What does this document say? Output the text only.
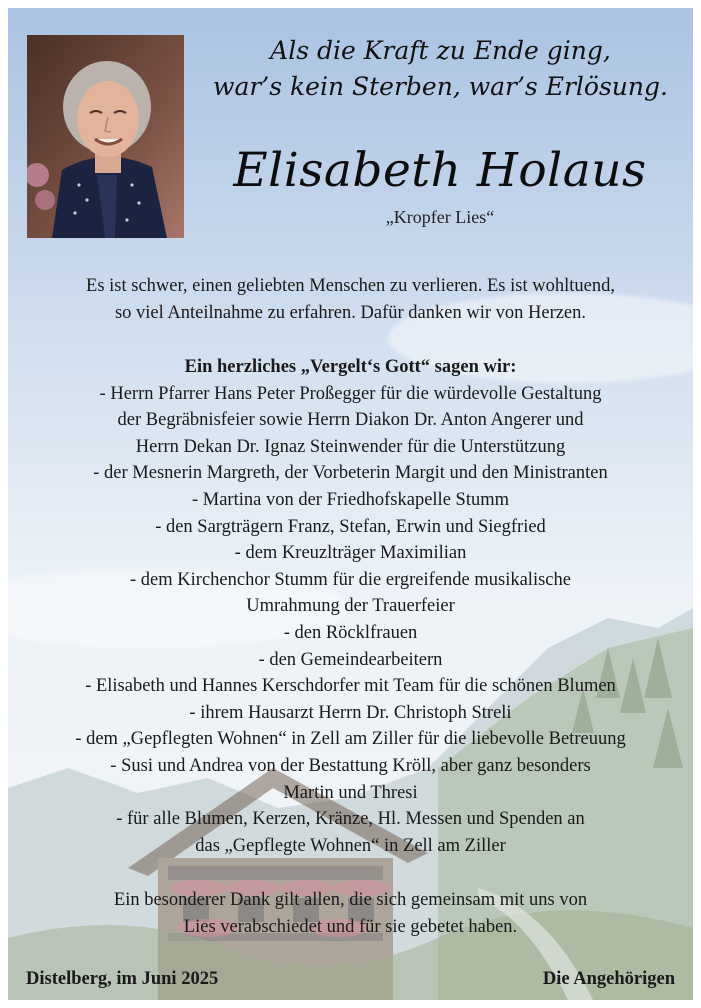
Als die Kraft zu Ende ging,
war’s kein Sterben, war’s Erlösung.
Elisabeth Holaus
„Kropfer Lies“
Es ist schwer, einen geliebten Menschen zu verlieren. Es ist wohltuend,
so viel Anteilnahme zu erfahren. Dafür danken wir von Herzen.
Ein herzliches „Vergelt‘s Gott“ sagen wir:
- Herrn Pfarrer Hans Peter Proßegger für die würdevolle Gestaltung
der Begräbnisfeier sowie Herrn Diakon Dr. Anton Angerer und
Herrn Dekan Dr. Ignaz Steinwender für die Unterstützung
- der Mesnerin Margreth, der Vorbeterin Margit und den Ministranten
- Martina von der Friedhofskapelle Stumm
- den Sargträgern Franz, Stefan, Erwin und Siegfried
- dem Kreuzlträger Maximilian
- dem Kirchenchor Stumm für die ergreifende musikalische
Umrahmung der Trauerfeier
- den Röcklfrauen
- den Gemeindearbeitern
- Elisabeth und Hannes Kerschdorfer mit Team für die schönen Blumen
- ihrem Hausarzt Herrn Dr. Christoph Streli
- dem „Gepflegten Wohnen“ in Zell am Ziller für die liebevolle Betreuung
- Susi und Andrea von der Bestattung Kröll, aber ganz besonders
Martin und Thresi
- für alle Blumen, Kerzen, Kränze, Hl. Messen und Spenden an
das „Gepflegte Wohnen“ in Zell am Ziller
Ein besonderer Dank gilt allen, die sich gemeinsam mit uns von
Lies verabschiedet und für sie gebetet haben.
Distelberg, im Juni 2025	Die Angehörigen
